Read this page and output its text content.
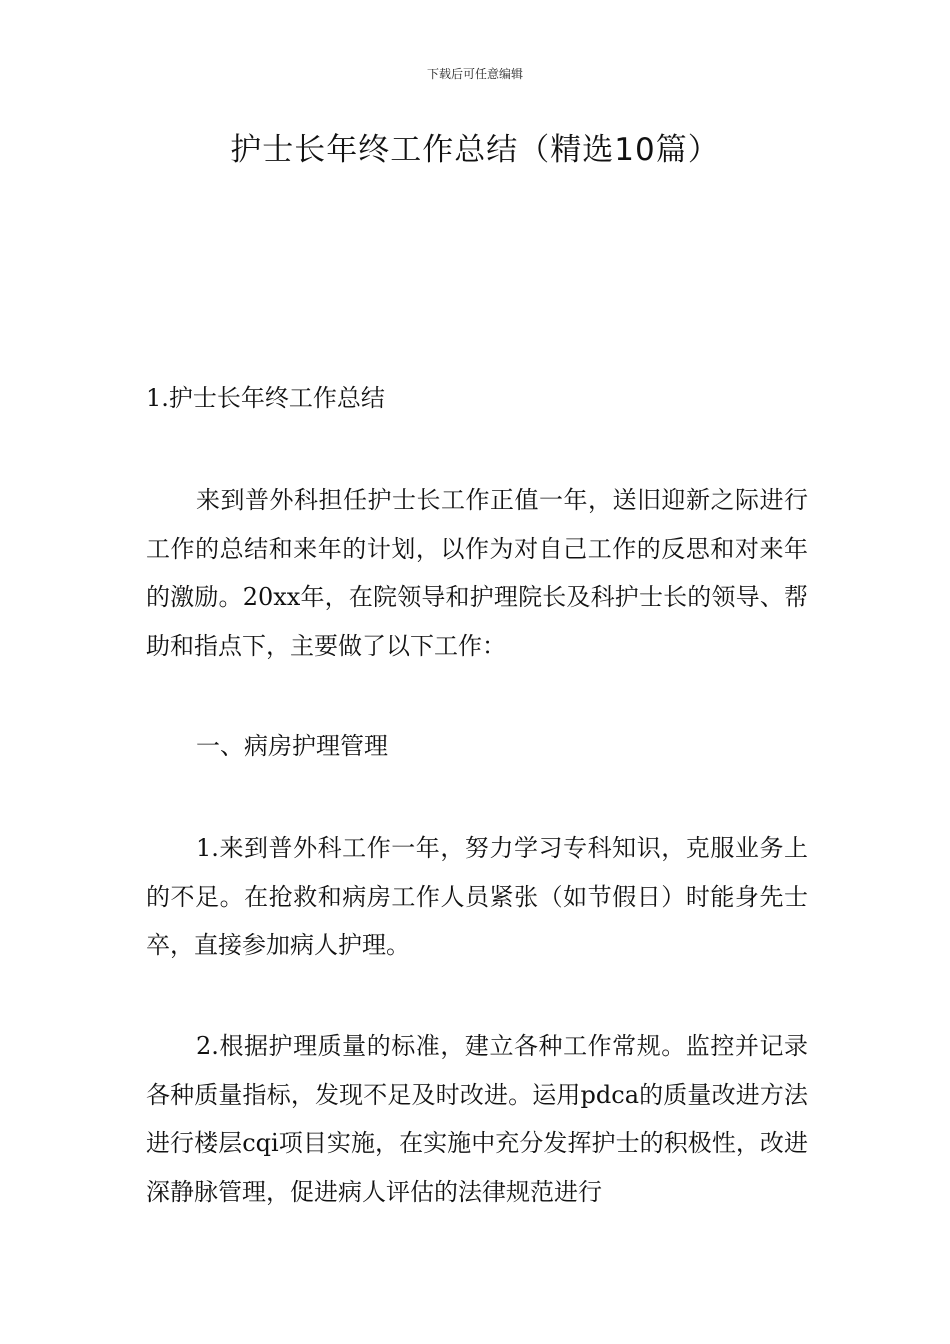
下载后可任意编辑
护士长年终工作总结（精选10篇）

1.护士长年终工作总结

来到普外科担任护士长工作正值一年，送旧迎新之际进行工作的总结和来年的计划，以作为对自己工作的反思和对来年的激励。20xx年，在院领导和护理院长及科护士长的领导、帮助和指点下，主要做了以下工作：

一、病房护理管理

1.来到普外科工作一年，努力学习专科知识，克服业务上的不足。在抢救和病房工作人员紧张（如节假日）时能身先士卒，直接参加病人护理。

2.根据护理质量的标准，建立各种工作常规。监控并记录各种质量指标，发现不足及时改进。运用pdca的质量改进方法进行楼层cqi项目实施，在实施中充分发挥护士的积极性，改进深静脉管理，促进病人评估的法律规范进行
